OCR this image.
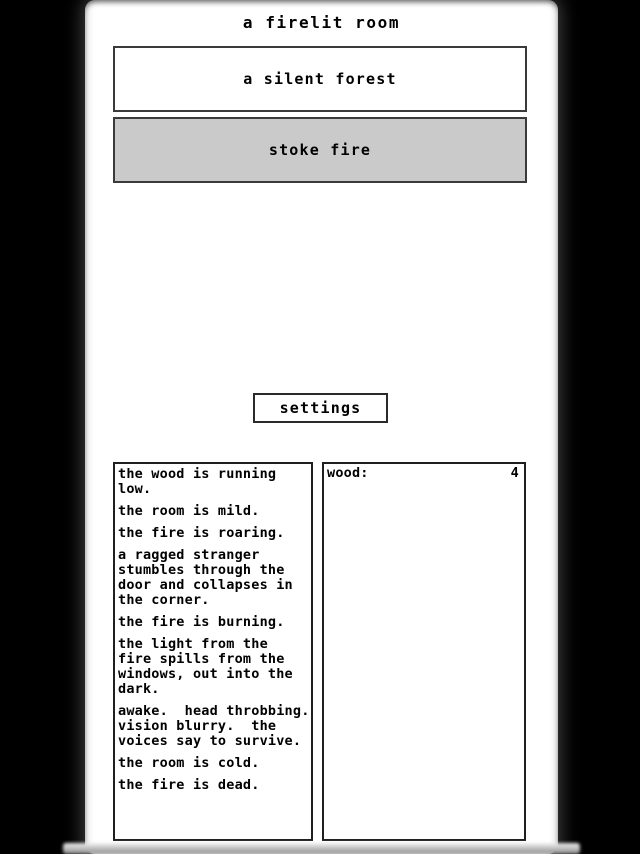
a firelit room
a silent forest
stoke fire
settings
the wood is running
low.
the room is mild.
the fire is roaring.
a ragged stranger
stumbles through the
door and collapses in
the corner.
the fire is burning.
the light from the
fire spills from the
windows, out into the
dark.
awake.  head throbbing.
vision blurry.  the
voices say to survive.
the room is cold.
the fire is dead.
wood:	4
